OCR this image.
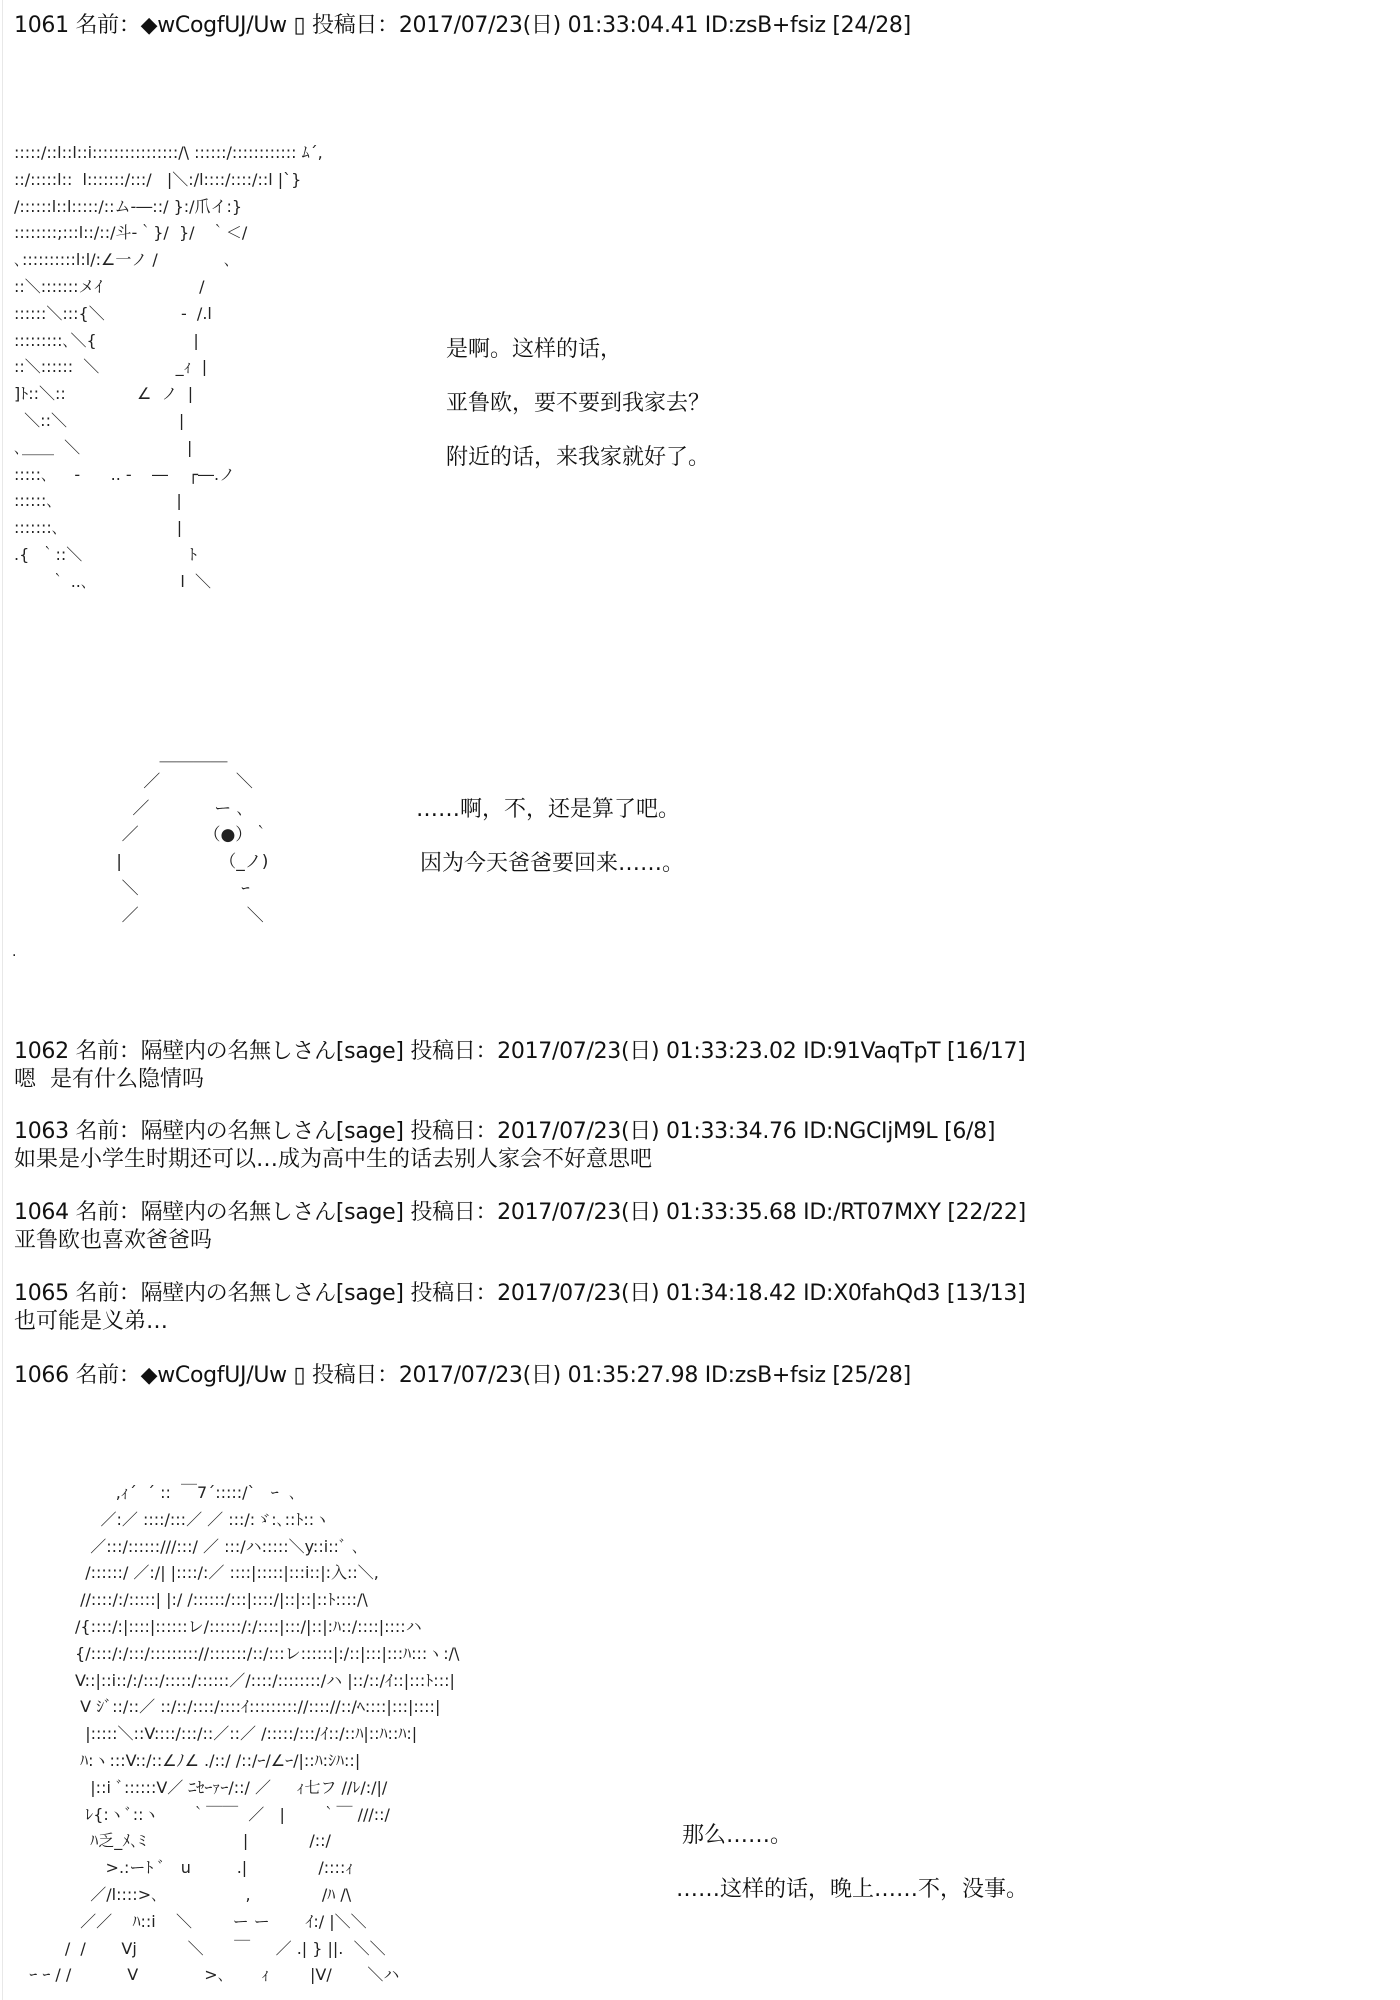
1061 名前：◆wCogfUJ/Uw ▯ 投稿日：2017/07/23(日) 01:33:04.41 ID:zsB+fsiz [24/28]
:::::/::l::l::i::::::::::::::::/\ ::::::/:::::::::::: ﾑ´,
::/:::::l::  l:::::::/:::/   |＼:/l::::/::::/::l |`}
/::::::l::l:::::/::ム-―::/ }:/爪イ:}
::::::::;:::l::/::/斗-｀}/  }/   ｀＜/
､::::::::::l:l/:∠一ノ /             ､
::＼:::::::メｲ                   /
::::::＼:::{＼               -  /.l
:::::::::､＼{                   |
::＼::::::  ＼               _ｨ  |
]ﾄ::＼::              ∠  ノ  |
＼::＼                      |
､＿＿  ＼                     |
:::::､     -      .. -    ―    ┌―.ノ
::::::､                        |
:::::::､                       |
.{  ｀::＼                     ﾄ
｀ ..､                  l  ＼
是啊。这样的话，
亚鲁欧，要不要到我家去？
附近的话，来我家就好了。
＿＿＿＿
／              ＼
／            ー ､
／            （●）｀
|                  （_ノ)
＼                   ｰ
／                    ＼
……啊，不，还是算了吧。
因为今天爸爸要回来……。
.
1062 名前：隔壁内の名無しさん[sage] 投稿日：2017/07/23(日) 01:33:23.02 ID:91VaqTpT [16/17]
嗯  是有什么隐情吗
1063 名前：隔壁内の名無しさん[sage] 投稿日：2017/07/23(日) 01:33:34.76 ID:NGCIjM9L [6/8]
如果是小学生时期还可以…成为高中生的话去别人家会不好意思吧
1064 名前：隔壁内の名無しさん[sage] 投稿日：2017/07/23(日) 01:33:35.68 ID:/RT07MXY [22/22]
亚鲁欧也喜欢爸爸吗
1065 名前：隔壁内の名無しさん[sage] 投稿日：2017/07/23(日) 01:34:18.42 ID:X0fahQd3 [13/13]
也可能是义弟…
1066 名前：◆wCogfUJ/Uw ▯ 投稿日：2017/07/23(日) 01:35:27.98 ID:zsB+fsiz [25/28]
,ｨ´  ´ ::  ￣7´:::::/`   ｰ  ､
／:／ ::::/:::／ ／ :::/:ゞ:､::ﾄ::ヽ
／:::/::::::///:::/ ／ :::/ハ:::::＼y::i::ﾞ ､
/::::::/ ／:/| |::::/:／ ::::|:::::|:::i::|:入::＼,
//::::/:/:::::| |:/ /::::::/:::|::::/|::|::|::ﾄ::::/\
/{::::/:|::::|::::::レ/::::::/:/::::|:::/|::|:ﾊ::/::::|::::ハ
{/::::/:/:::/::::::::://:::::::/::/:::レ::::::|:/::|:::|:::ﾊ:::ヽ:/\
V::|::i::/:/:::/:::::/::::::／/::::/::::::::/ハ |::/::/ｲ::|:::ﾄ:::|
V ｼﾞ::/::／ ::/::/::::/::::ｲ::::::::://:::://::/ﾍ::::|:::|::::|
|:::::＼::V::::/:::/::／::／ /:::::/:::/ｲ::/::ﾊ|::ﾊ::ﾊ:|
ﾊ:ヽ:::V::/::∠ﾉ∠ ./::/ /::/ｰ/∠ｰ/|::ﾊ:ｼﾊ::|
|::i ﾞ::::::V／ ﾆｾｰｧｰ/::/ ／     ｨ七フ //ﾚ/:/|/
ﾚ{:ヽﾞ::ヽ      ｀￣￣  ／   |       ｀￣ ///::/
ﾊ乏_ﾒ､ﾐ                   |            /::/
>.:ーﾄ ﾞ   u         .|              /::::ｨ
／/l::::>､                 ,              /ﾊ /\
／／    ﾊ::i    ＼        ー ー       ｲ:/ |＼＼
/  /       Vj          ＼      ￣     ／ .| } ||.  ＼＼
ｰ ｰ / /           V             >､       ｨ        |V/       ＼ハ
那么……。
……这样的话，晚上……不，没事。
